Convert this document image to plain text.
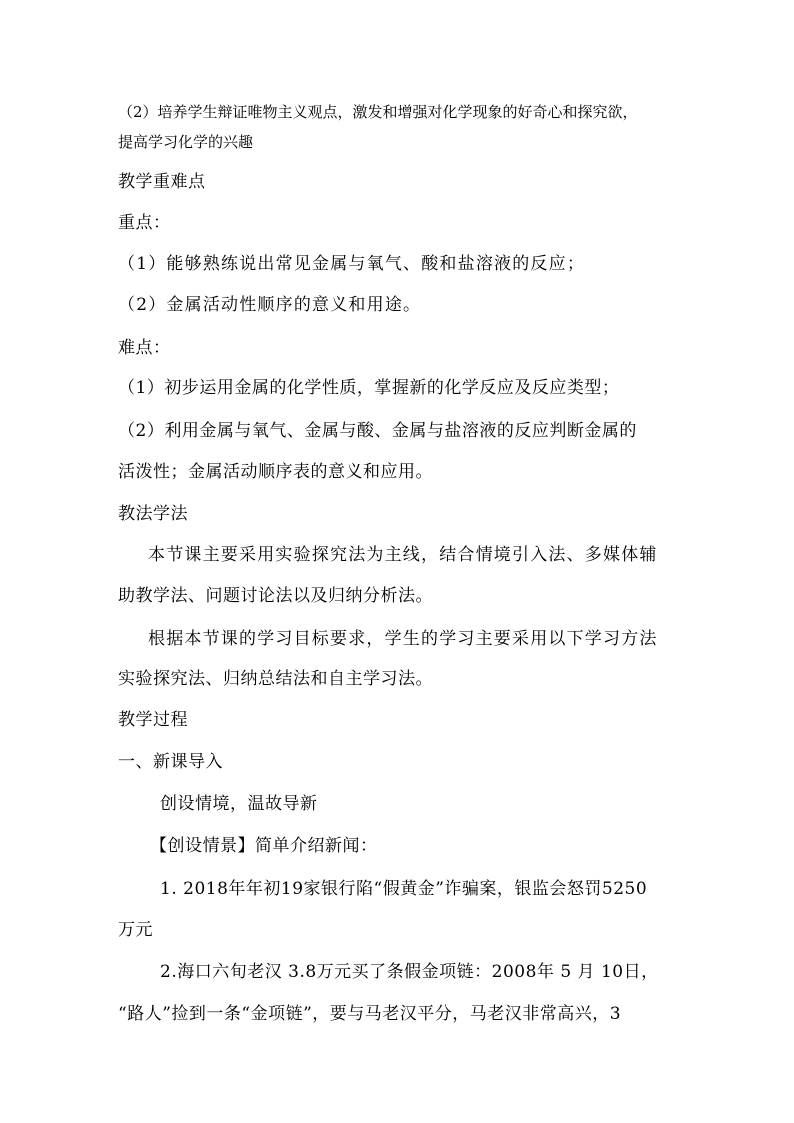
（2）培养学生辩证唯物主义观点，激发和增强对化学现象的好奇心和探究欲，
提高学习化学的兴趣
教学重难点
重点：
（1）能够熟练说出常见金属与氧气、酸和盐溶液的反应；
（2）金属活动性顺序的意义和用途。
难点：
（1）初步运用金属的化学性质，掌握新的化学反应及反应类型；
（2）利用金属与氧气、金属与酸、金属与盐溶液的反应判断金属的
活泼性；金属活动顺序表的意义和应用。
教法学法
本节课主要采用实验探究法为主线，结合情境引入法、多媒体辅
助教学法、问题讨论法以及归纳分析法。
根据本节课的学习目标要求，学生的学习主要采用以下学习方法
实验探究法、归纳总结法和自主学习法。
教学过程
一、新课导入
创设情境，温故导新
【创设情景】简单介绍新闻：
1. 2018年年初19家银行陷“假黄金”诈骗案，银监会怒罚5250
万元
2.海口六旬老汉 3.8万元买了条假金项链：2008年 5 月 10日，
“路人”捡到一条“金项链”，要与马老汉平分，马老汉非常高兴，3
